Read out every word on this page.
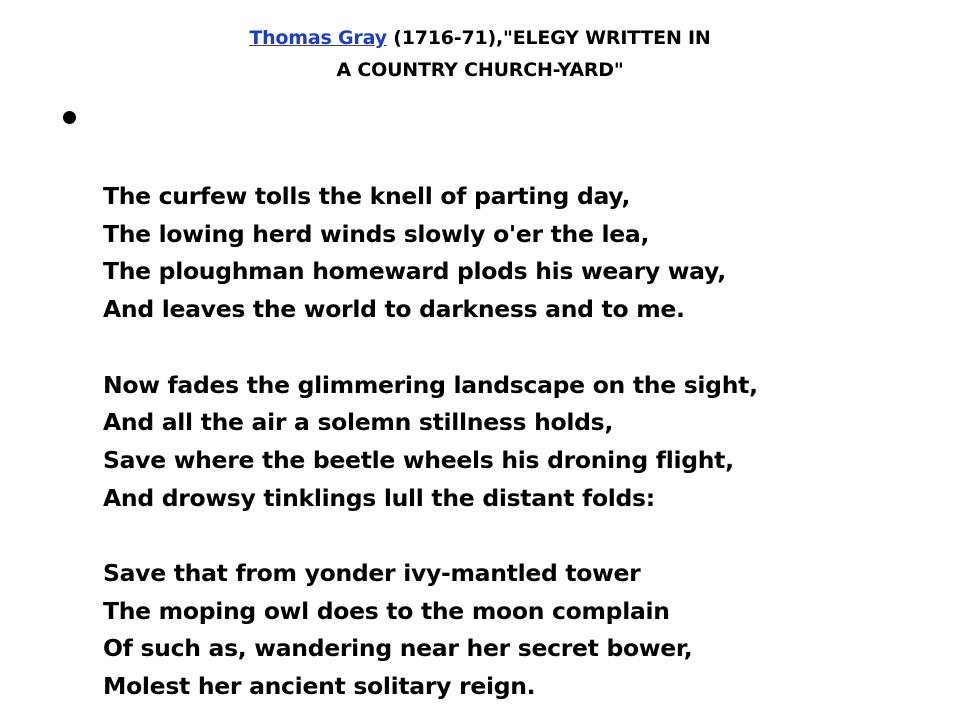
Thomas Gray (1716-71),"ELEGY WRITTEN IN
A COUNTRY CHURCH-YARD"
The curfew tolls the knell of parting day,
The lowing herd winds slowly o'er the lea,
The ploughman homeward plods his weary way,
And leaves the world to darkness and to me.
Now fades the glimmering landscape on the sight,
And all the air a solemn stillness holds,
Save where the beetle wheels his droning flight,
And drowsy tinklings lull the distant folds:
Save that from yonder ivy-mantled tower
The moping owl does to the moon complain
Of such as, wandering near her secret bower,
Molest her ancient solitary reign.
